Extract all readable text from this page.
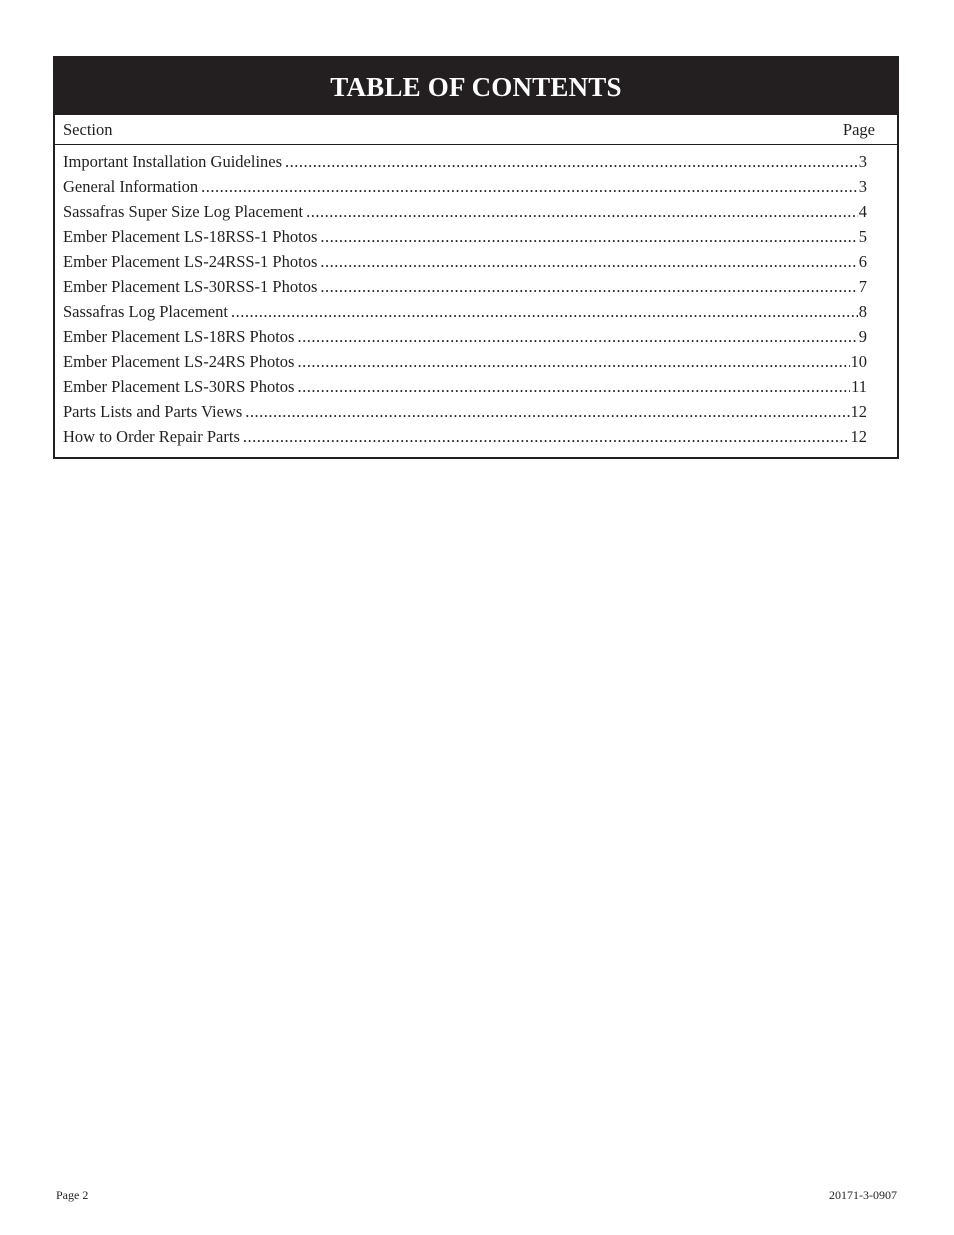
TABLE OF CONTENTS
Section	Page
Important Installation Guidelines .....	3
General Information .....	3
Sassafras Super Size Log Placement .....	4
Ember Placement LS-18RSS-1 Photos .....	5
Ember Placement LS-24RSS-1 Photos .....	6
Ember Placement LS-30RSS-1 Photos .....	7
Sassafras Log Placement .....	8
Ember Placement LS-18RS Photos .....	9
Ember Placement LS-24RS Photos .....	10
Ember Placement LS-30RS Photos .....	11
Parts Lists and Parts Views .....	12
How to Order Repair Parts .....	12
Page 2	20171-3-0907
